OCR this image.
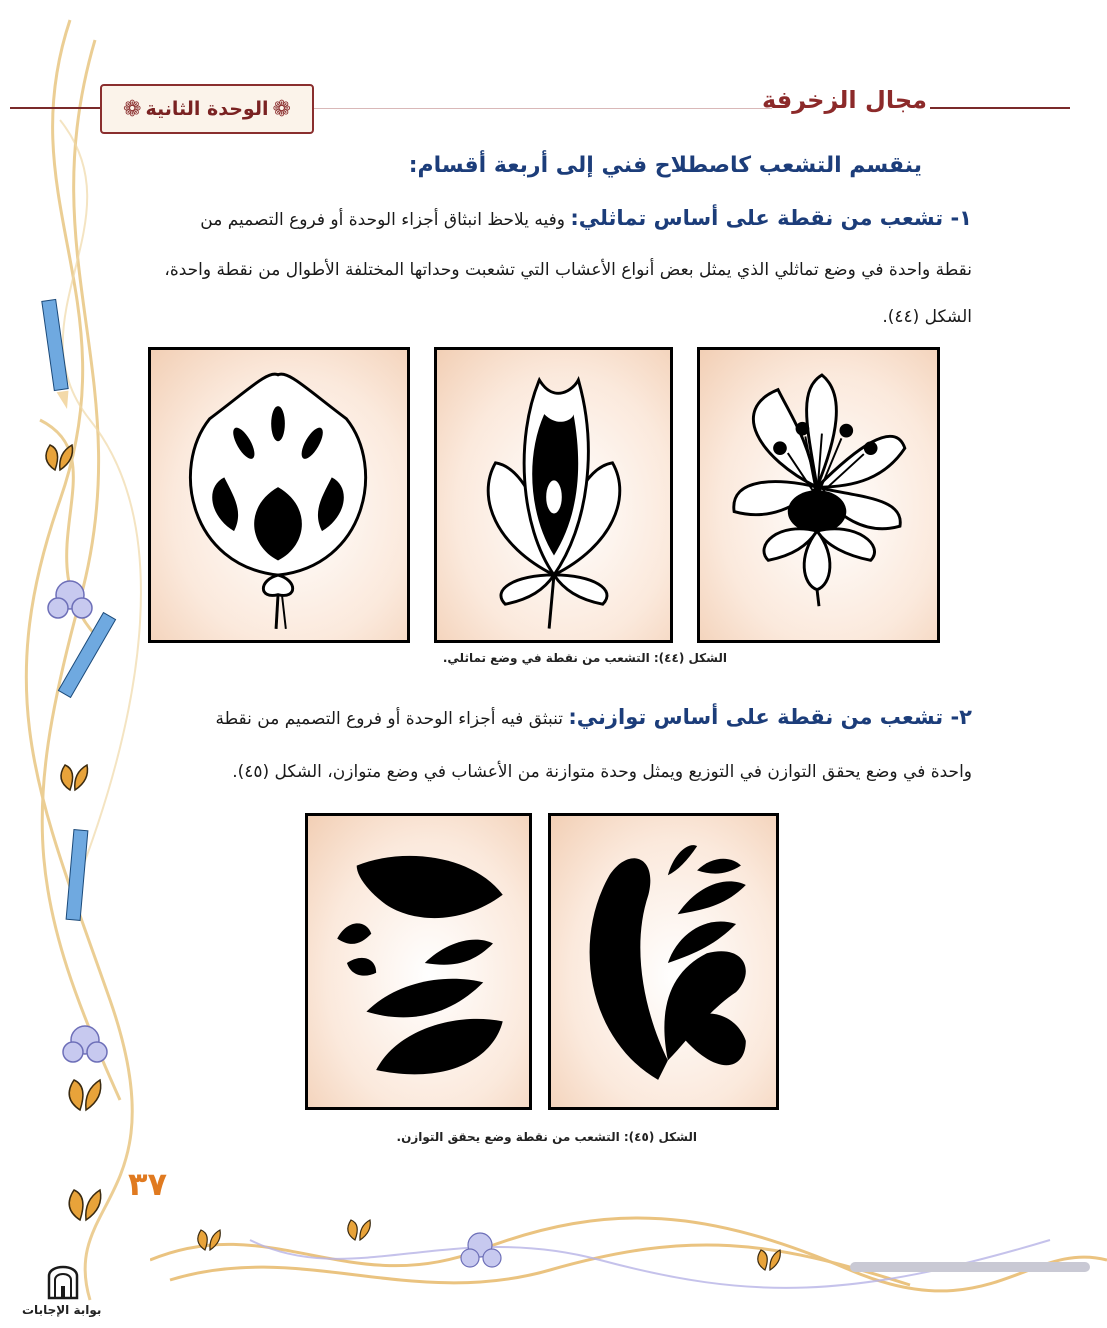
❁ الوحدة الثانية ❁	مجال الزخرفة
ينقسم التشعب كاصطلاح فني إلى أربعة أقسام:
١- تشعب من نقطة على أساس تماثلي: وفيه يلاحظ انبثاق أجزاء الوحدة أو فروع التصميم من
نقطة واحدة في وضع تماثلي الذي يمثل بعض أنواع الأعشاب التي تشعبت وحداتها المختلفة الأطوال من نقطة واحدة،
الشكل (٤٤).
الشكل (٤٤): التشعب من نقطة في وضع تماثلي.
٢- تشعب من نقطة على أساس توازني: تنبثق فيه أجزاء الوحدة أو فروع التصميم من نقطة
واحدة في وضع يحقق التوازن في التوزيع ويمثل وحدة متوازنة من الأعشاب في وضع متوازن، الشكل (٤٥).
الشكل (٤٥): التشعب من نقطة وضع يحقق التوازن.
٣٧
بوابة الإجابات
